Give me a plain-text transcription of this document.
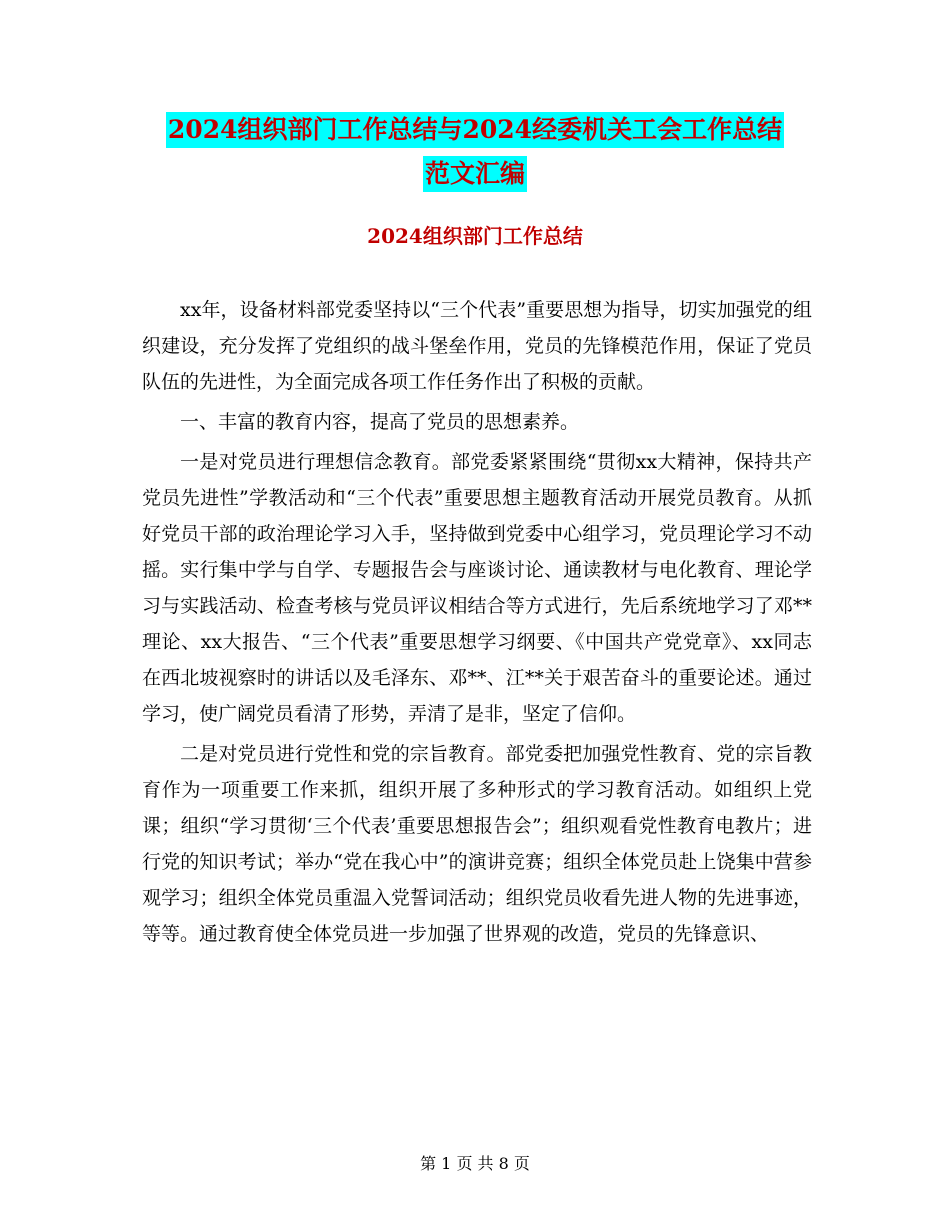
2024组织部门工作总结与2024经委机关工会工作总结
范文汇编
2024组织部门工作总结

xx年，设备材料部党委坚持以“三个代表”重要思想为指导，切实加强党的组织建设，充分发挥了党组织的战斗堡垒作用，党员的先锋模范作用，保证了党员队伍的先进性，为全面完成各项工作任务作出了积极的贡献。

一、丰富的教育内容，提高了党员的思想素养。

一是对党员进行理想信念教育。部党委紧紧围绕“贯彻xx大精神，保持共产党员先进性”学教活动和“三个代表”重要思想主题教育活动开展党员教育。从抓好党员干部的政治理论学习入手，坚持做到党委中心组学习，党员理论学习不动摇。实行集中学与自学、专题报告会与座谈讨论、通读教材与电化教育、理论学习与实践活动、检查考核与党员评议相结合等方式进行，先后系统地学习了邓**理论、xx大报告、“三个代表”重要思想学习纲要、《中国共产党党章》、xx同志在西北坡视察时的讲话以及毛泽东、邓**、江**关于艰苦奋斗的重要论述。通过学习，使广阔党员看清了形势，弄清了是非，坚定了信仰。

二是对党员进行党性和党的宗旨教育。部党委把加强党性教育、党的宗旨教育作为一项重要工作来抓，组织开展了多种形式的学习教育活动。如组织上党课；组织“学习贯彻‘三个代表’重要思想报告会”；组织观看党性教育电教片；进行党的知识考试；举办“党在我心中”的演讲竞赛；组织全体党员赴上饶集中营参观学习；组织全体党员重温入党誓词活动；组织党员收看先进人物的先进事迹，等等。通过教育使全体党员进一步加强了世界观的改造，党员的先锋意识、

第 1 页 共 8 页
